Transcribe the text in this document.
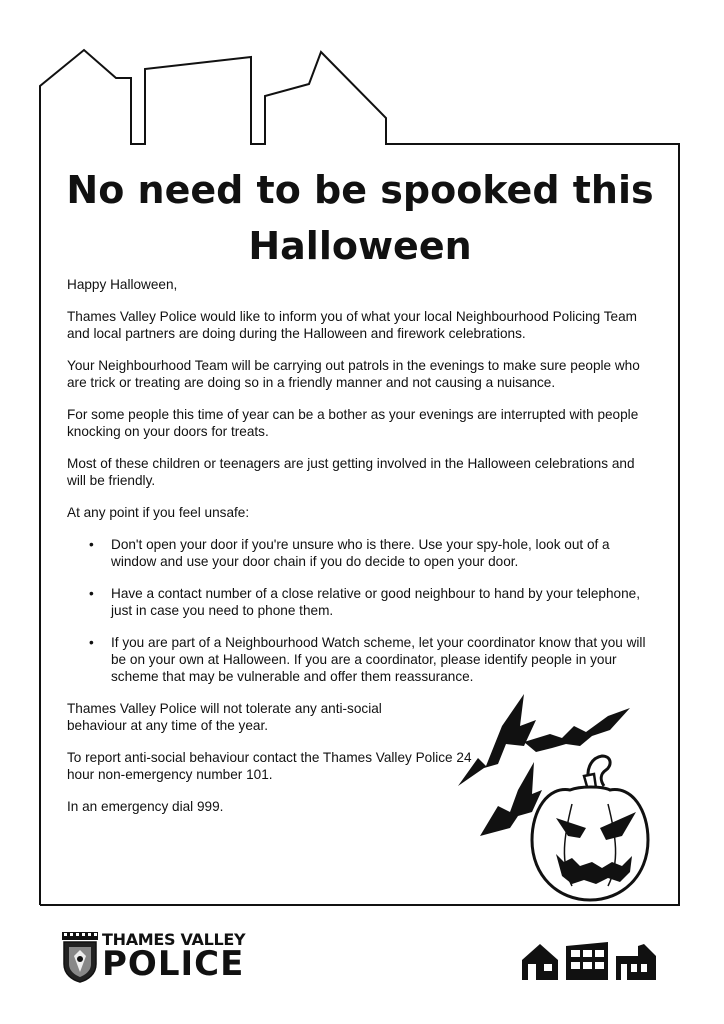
No need to be spooked this Halloween

Happy Halloween,

Thames Valley Police would like to inform you of what your local Neighbourhood Policing Team and local partners are doing during the Halloween and firework celebrations.

Your Neighbourhood Team will be carrying out patrols in the evenings to make sure people who are trick or treating are doing so in a friendly manner and not causing a nuisance.

For some people this time of year can be a bother as your evenings are interrupted with people knocking on your doors for treats.

Most of these children or teenagers are just getting involved in the Halloween celebrations and will be friendly.

At any point if you feel unsafe:

• Don't open your door if you're unsure who is there. Use your spy-hole, look out of a window and use your door chain if you do decide to open your door.
• Have a contact number of a close relative or good neighbour to hand by your telephone, just in case you need to phone them.
• If you are part of a Neighbourhood Watch scheme, let your coordinator know that you will be on your own at Halloween. If you are a coordinator, please identify people in your scheme that may be vulnerable and offer them reassurance.

Thames Valley Police will not tolerate any anti-social behaviour at any time of the year.

To report anti-social behaviour contact the Thames Valley Police 24 hour non-emergency number 101.

In an emergency dial 999.

THAMES VALLEY
POLICE
